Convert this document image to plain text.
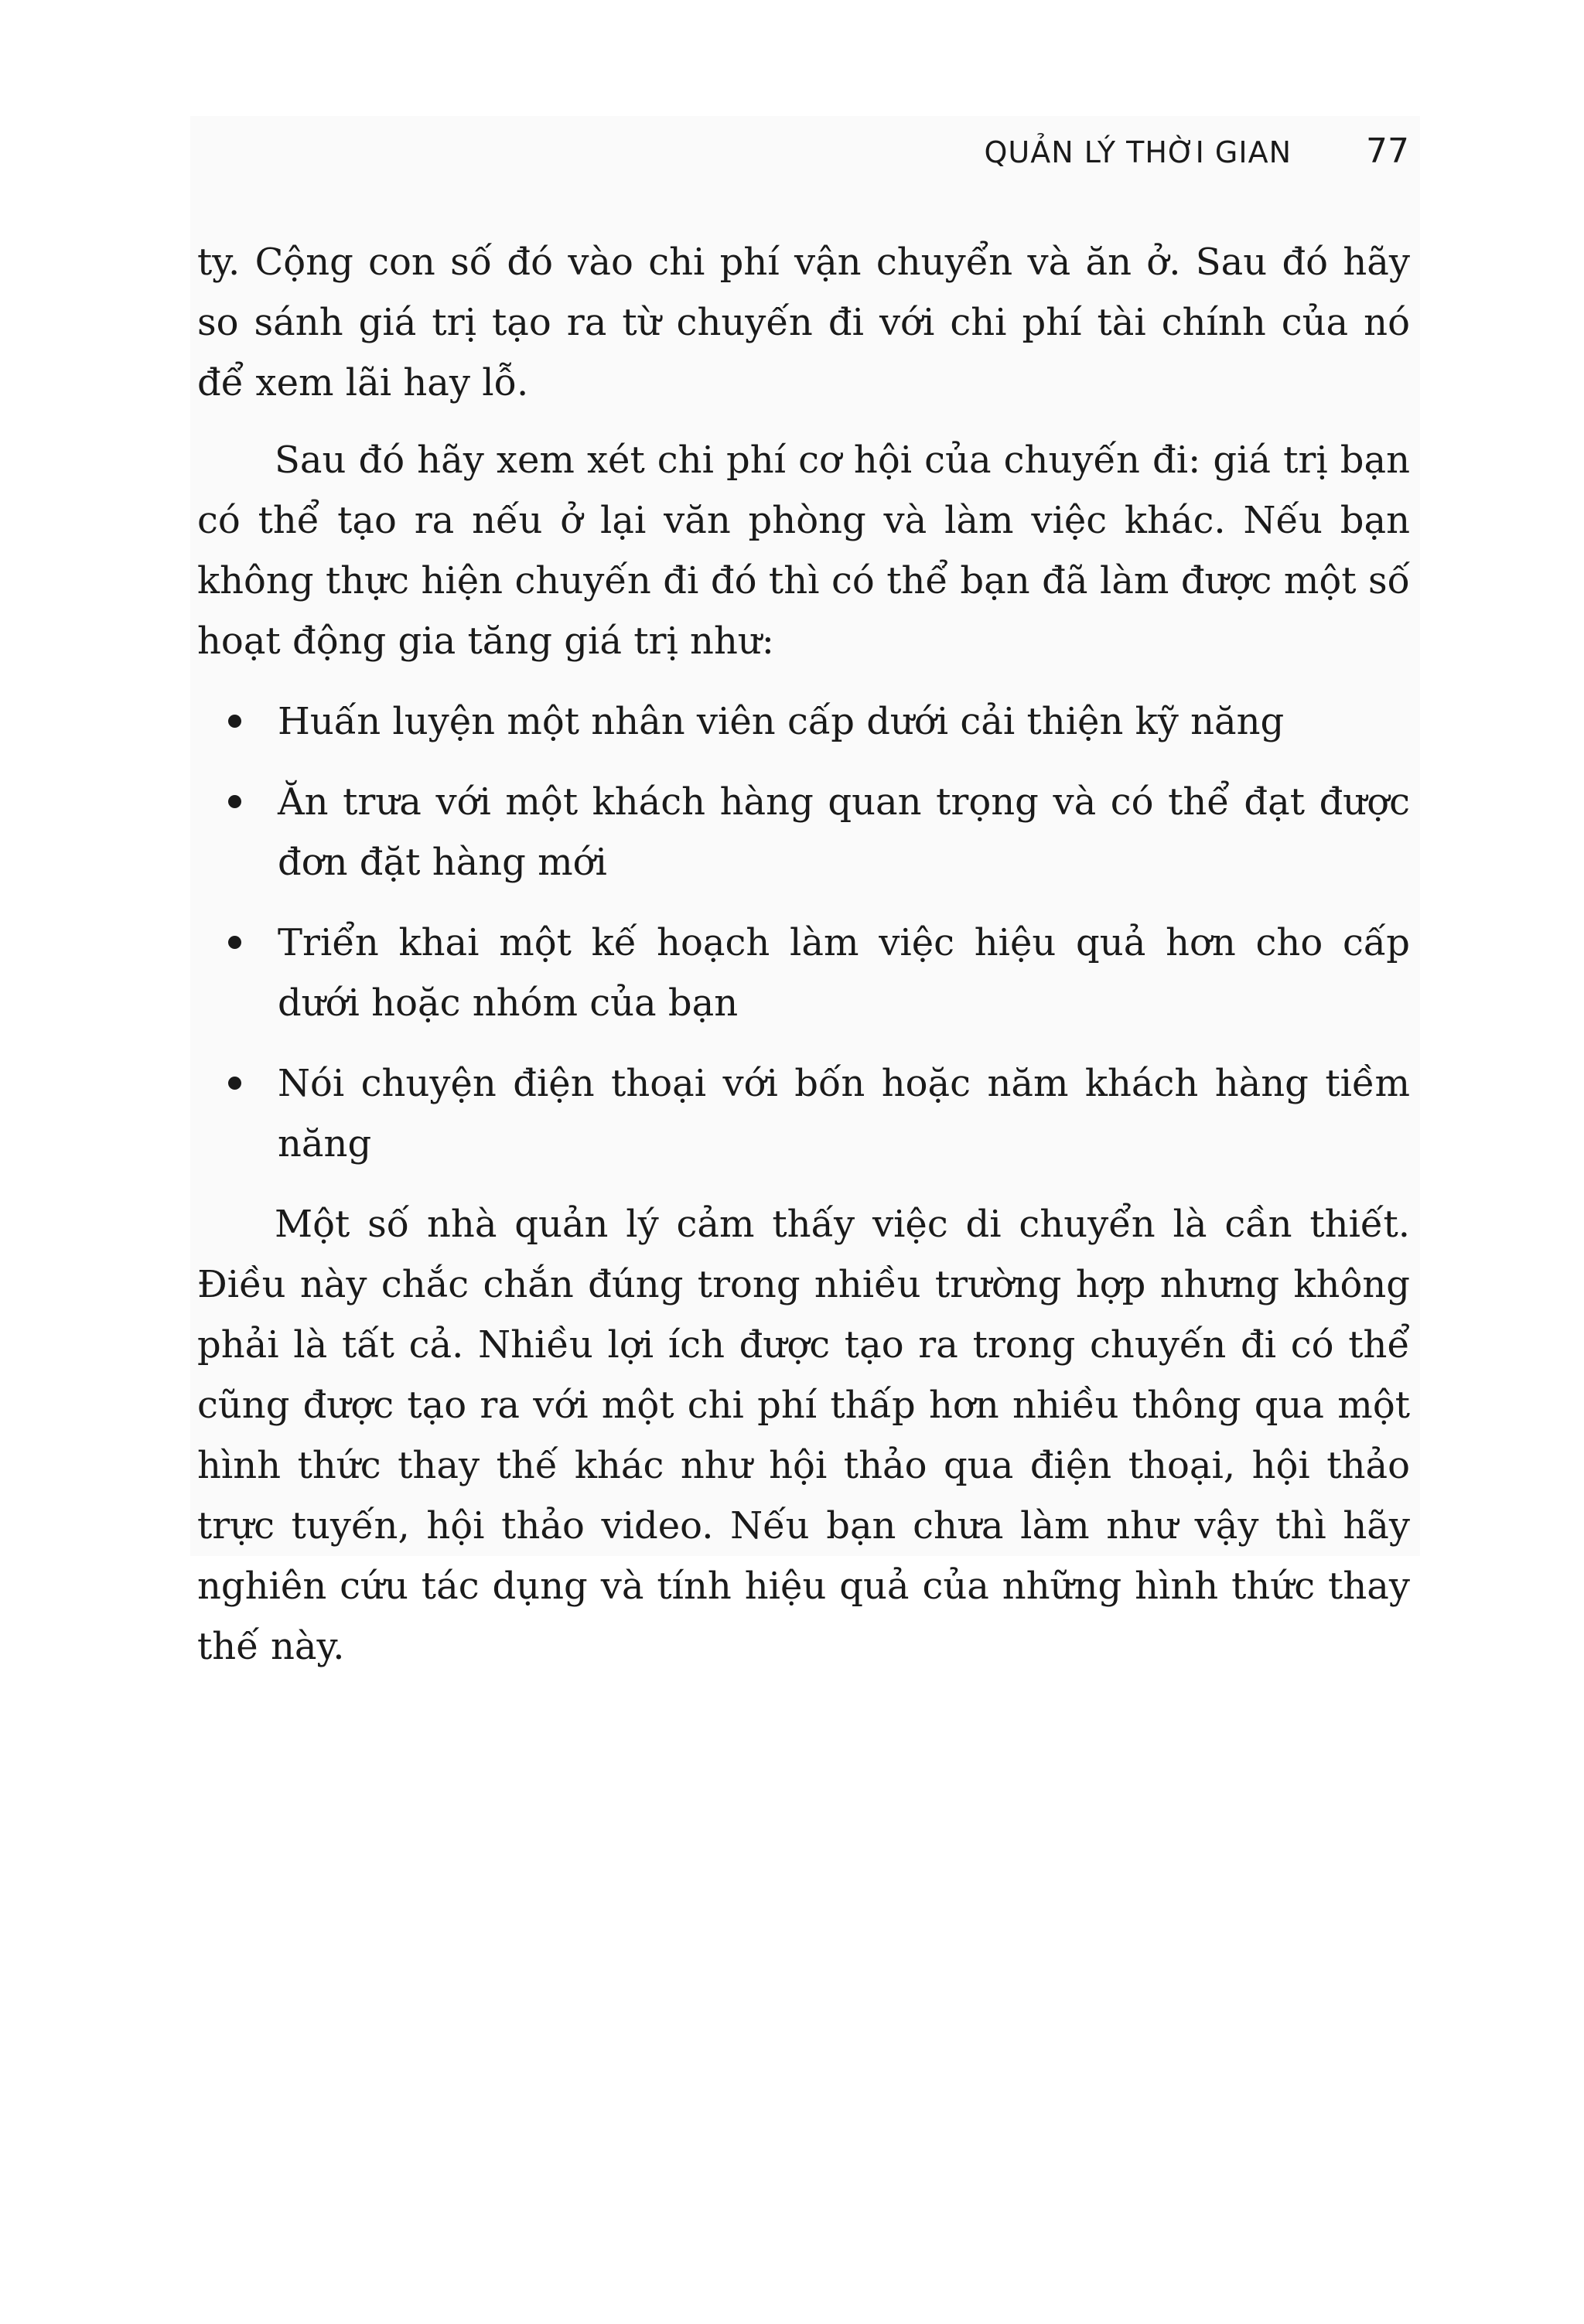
QUẢN LÝ THỜI GIAN 77

ty. Cộng con số đó vào chi phí vận chuyển và ăn ở. Sau đó hãy so sánh giá trị tạo ra từ chuyến đi với chi phí tài chính của nó để xem lãi hay lỗ.

Sau đó hãy xem xét chi phí cơ hội của chuyến đi: giá trị bạn có thể tạo ra nếu ở lại văn phòng và làm việc khác. Nếu bạn không thực hiện chuyến đi đó thì có thể bạn đã làm được một số hoạt động gia tăng giá trị như:

Huấn luyện một nhân viên cấp dưới cải thiện kỹ năng
Ăn trưa với một khách hàng quan trọng và có thể đạt được đơn đặt hàng mới
Triển khai một kế hoạch làm việc hiệu quả hơn cho cấp dưới hoặc nhóm của bạn
Nói chuyện điện thoại với bốn hoặc năm khách hàng tiềm năng

Một số nhà quản lý cảm thấy việc di chuyển là cần thiết. Điều này chắc chắn đúng trong nhiều trường hợp nhưng không phải là tất cả. Nhiều lợi ích được tạo ra trong chuyến đi có thể cũng được tạo ra với một chi phí thấp hơn nhiều thông qua một hình thức thay thế khác như hội thảo qua điện thoại, hội thảo trực tuyến, hội thảo video. Nếu bạn chưa làm như vậy thì hãy nghiên cứu tác dụng và tính hiệu quả của những hình thức thay thế này.
